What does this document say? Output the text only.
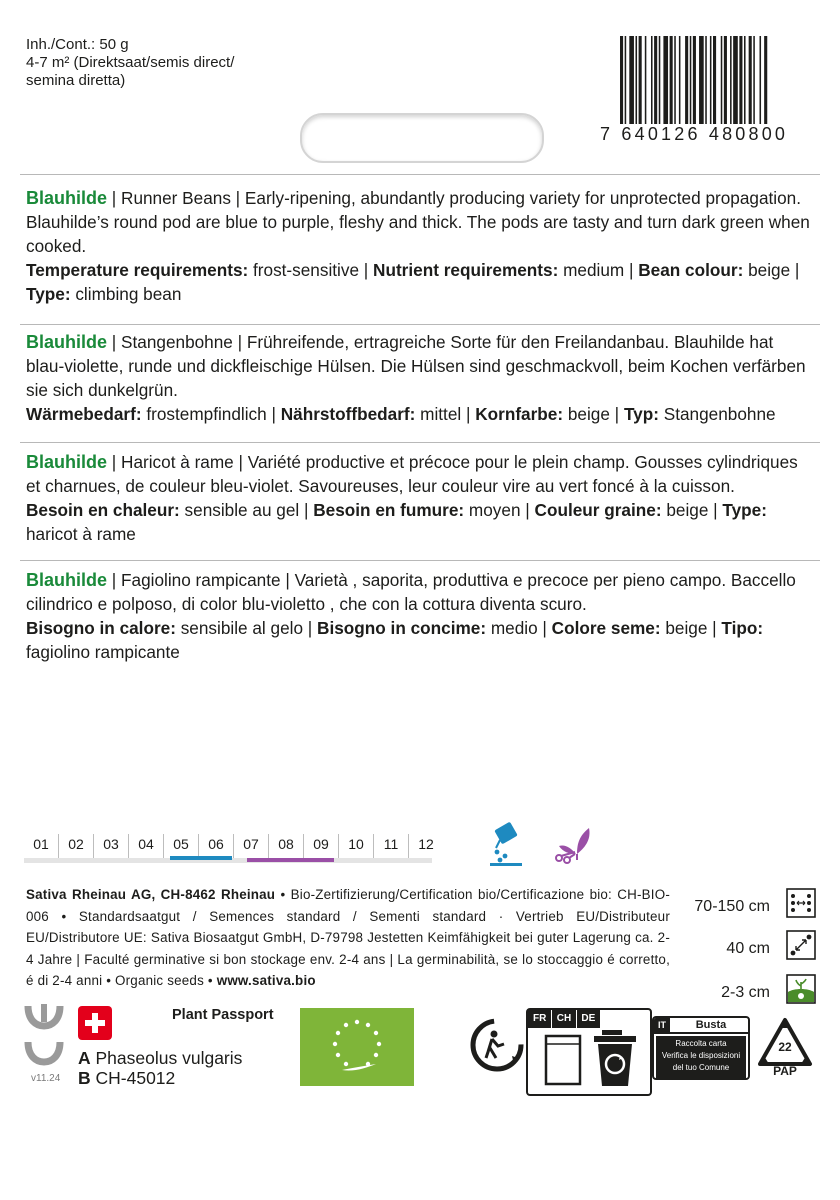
Inh./Cont.: 50 g
4-7 m² (Direktsaat/semis direct/
semina diretta)
7 640126 480800
Blauhilde | Runner Beans | Early-ripening, abundantly producing variety for unprotected propagation. Blauhilde’s round pod are blue to purple, fleshy and thick. The pods are tasty and turn dark green when cooked.
Temperature requirements: frost-sensitive | Nutrient requirements: medium | Bean colour: beige | Type: climbing bean
Blauhilde | Stangenbohne | Frühreifende, ertragreiche Sorte für den Freilandanbau. Blauhilde hat blau-violette, runde und dickfleischige Hülsen. Die Hülsen sind geschmackvoll, beim Kochen verfärben sie sich dunkelgrün.
Wärmebedarf: frostempfindlich | Nährstoffbedarf: mittel | Kornfarbe: beige | Typ: Stangenbohne
Blauhilde | Haricot à rame | Variété productive et précoce pour le plein champ. Gousses cylindriques et charnues, de couleur bleu-violet. Savoureuses, leur couleur vire au vert foncé à la cuisson.
Besoin en chaleur: sensible au gel | Besoin en fumure: moyen | Couleur graine: beige | Type: haricot à rame
Blauhilde | Fagiolino rampicante | Varietà , saporita, produttiva e precoce per pieno campo. Baccello cilindrico e polposo, di color blu-violetto , che con la cottura diventa scuro.
Bisogno in calore: sensibile al gelo | Bisogno in concime: medio | Colore seme: beige | Tipo: fagiolino rampicante
01	02	03	04	05	06	07	08	09	10	11	12
Sativa Rheinau AG, CH-8462 Rheinau • Bio-Zertifizierung/Certification bio/Certificazione bio: CH-BIO-006 • Standardsaatgut / Semences standard / Sementi standard · Vertrieb EU/Distributeur EU/Distributore UE: Sativa Biosaatgut GmbH, D-79798 Jestetten Keimfähigkeit bei guter Lagerung ca. 2-4 Jahre | Faculté germinative si bon stockage env. 2-4 ans | La germinabilità, se lo stoccaggio é corretto, é di 2-4 anni • Organic seeds • www.sativa.bio
70-150 cm
40 cm
2-3 cm
v11.24
Plant Passport
A Phaseolus vulgaris
B CH-45012
FR	CH	DE
IT	Busta
Raccolta carta
Verifica le disposizioni
del tuo Comune
22
PAP
